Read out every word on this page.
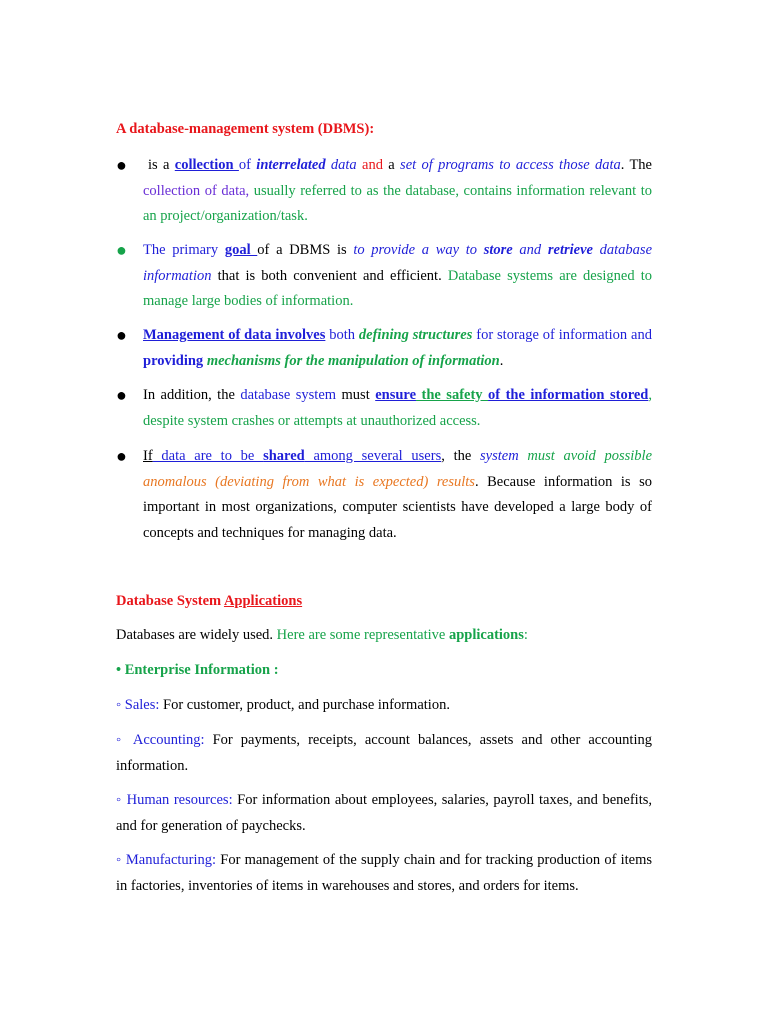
A database-management system (DBMS):
●	is a collection of interrelated data and a set of programs to access those data. The collection of data, usually referred to as the database, contains information relevant to an project/organization/task.
● The primary goal of a DBMS is to provide a way to store and retrieve database information that is both convenient and efficient. Database systems are designed to manage large bodies of information.
● Management of data involves both defining structures for storage of information and providing mechanisms for the manipulation of information.
● In addition, the database system must ensure the safety of the information stored, despite system crashes or attempts at unauthorized access.
● If data are to be shared among several users, the system must avoid possible anomalous (deviating from what is expected) results. Because information is so important in most organizations, computer scientists have developed a large body of concepts and techniques for managing data.
Database System Applications
Databases are widely used. Here are some representative applications:
• Enterprise Information :
◦ Sales: For customer, product, and purchase information.
◦ Accounting: For payments, receipts, account balances, assets and other accounting information.
◦ Human resources: For information about employees, salaries, payroll taxes, and benefits, and for generation of paychecks.
◦ Manufacturing: For management of the supply chain and for tracking production of items in factories, inventories of items in warehouses and stores, and orders for items.
